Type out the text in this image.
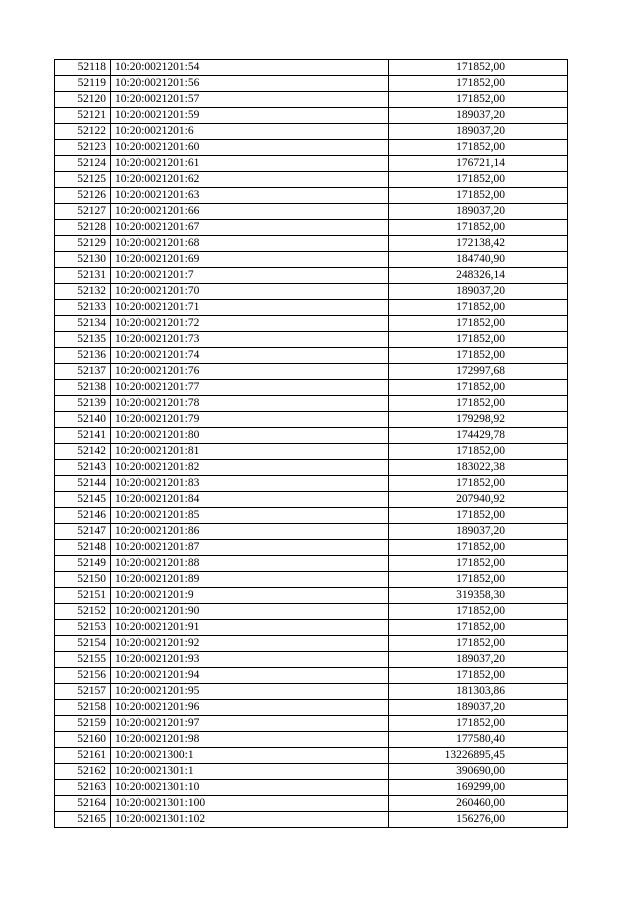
52118	10:20:0021201:54	171852,00
52119	10:20:0021201:56	171852,00
52120	10:20:0021201:57	171852,00
52121	10:20:0021201:59	189037,20
52122	10:20:0021201:6	189037,20
52123	10:20:0021201:60	171852,00
52124	10:20:0021201:61	176721,14
52125	10:20:0021201:62	171852,00
52126	10:20:0021201:63	171852,00
52127	10:20:0021201:66	189037,20
52128	10:20:0021201:67	171852,00
52129	10:20:0021201:68	172138,42
52130	10:20:0021201:69	184740,90
52131	10:20:0021201:7	248326,14
52132	10:20:0021201:70	189037,20
52133	10:20:0021201:71	171852,00
52134	10:20:0021201:72	171852,00
52135	10:20:0021201:73	171852,00
52136	10:20:0021201:74	171852,00
52137	10:20:0021201:76	172997,68
52138	10:20:0021201:77	171852,00
52139	10:20:0021201:78	171852,00
52140	10:20:0021201:79	179298,92
52141	10:20:0021201:80	174429,78
52142	10:20:0021201:81	171852,00
52143	10:20:0021201:82	183022,38
52144	10:20:0021201:83	171852,00
52145	10:20:0021201:84	207940,92
52146	10:20:0021201:85	171852,00
52147	10:20:0021201:86	189037,20
52148	10:20:0021201:87	171852,00
52149	10:20:0021201:88	171852,00
52150	10:20:0021201:89	171852,00
52151	10:20:0021201:9	319358,30
52152	10:20:0021201:90	171852,00
52153	10:20:0021201:91	171852,00
52154	10:20:0021201:92	171852,00
52155	10:20:0021201:93	189037,20
52156	10:20:0021201:94	171852,00
52157	10:20:0021201:95	181303,86
52158	10:20:0021201:96	189037,20
52159	10:20:0021201:97	171852,00
52160	10:20:0021201:98	177580,40
52161	10:20:0021300:1	13226895,45
52162	10:20:0021301:1	390690,00
52163	10:20:0021301:10	169299,00
52164	10:20:0021301:100	260460,00
52165	10:20:0021301:102	156276,00
